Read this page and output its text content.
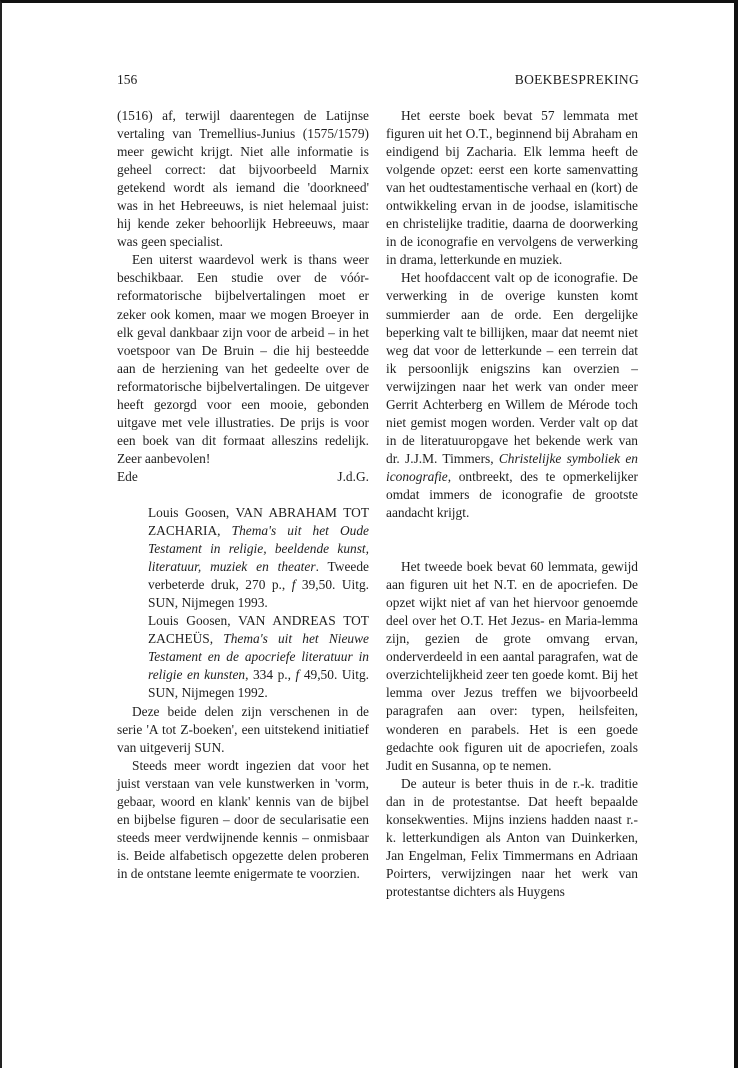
156	BOEKBESPREKING

(1516) af, terwijl daarentegen de Latijnse vertaling van Tremellius-Junius (1575/1579) meer gewicht krijgt. Niet alle informatie is geheel correct: dat bijvoorbeeld Marnix getekend wordt als iemand die 'doorkneed' was in het Hebreeuws, is niet helemaal juist: hij kende zeker behoorlijk Hebreeuws, maar was geen specialist.

Een uiterst waardevol werk is thans weer beschikbaar. Een studie over de vóór-reformatorische bijbelvertalingen moet er zeker ook komen, maar we mogen Broeyer in elk geval dankbaar zijn voor de arbeid – in het voetspoor van De Bruin – die hij besteedde aan de herziening van het gedeelte over de reformatorische bijbelvertalingen. De uitgever heeft gezorgd voor een mooie, gebonden uitgave met vele illustraties. De prijs is voor een boek van dit formaat alleszins redelijk. Zeer aanbevolen!

Ede	J.d.G.

Louis Goosen, VAN ABRAHAM TOT ZACHARIA, Thema's uit het Oude Testament in religie, beeldende kunst, literatuur, muziek en theater. Tweede verbeterde druk, 270 p., f 39,50. Uitg. SUN, Nijmegen 1993.

Louis Goosen, VAN ANDREAS TOT ZACHEÜS, Thema's uit het Nieuwe Testament en de apocriefe literatuur in religie en kunsten, 334 p., f 49,50. Uitg. SUN, Nijmegen 1992.

Deze beide delen zijn verschenen in de serie 'A tot Z-boeken', een uitstekend initiatief van uitgeverij SUN.

Steeds meer wordt ingezien dat voor het juist verstaan van vele kunstwerken in 'vorm, gebaar, woord en klank' kennis van de bijbel en bijbelse figuren – door de secularisatie een steeds meer verdwijnende kennis – onmisbaar is. Beide alfabetisch opgezette delen proberen in de ontstane leemte enigermate te voorzien.

Het eerste boek bevat 57 lemmata met figuren uit het O.T., beginnend bij Abraham en eindigend bij Zacharia. Elk lemma heeft de volgende opzet: eerst een korte samenvatting van het oudtestamentische verhaal en (kort) de ontwikkeling ervan in de joodse, islamitische en christelijke traditie, daarna de doorwerking in de iconografie en vervolgens de verwerking in drama, letterkunde en muziek.

Het hoofdaccent valt op de iconografie. De verwerking in de overige kunsten komt summierder aan de orde. Een dergelijke beperking valt te billijken, maar dat neemt niet weg dat voor de letterkunde – een terrein dat ik persoonlijk enigszins kan overzien – verwijzingen naar het werk van onder meer Gerrit Achterberg en Willem de Mérode toch niet gemist mogen worden. Verder valt op dat in de literatuuropgave het bekende werk van dr. J.J.M. Timmers, Christelijke symboliek en iconografie, ontbreekt, des te opmerkelijker omdat immers de iconografie de grootste aandacht krijgt.

Het tweede boek bevat 60 lemmata, gewijd aan figuren uit het N.T. en de apocriefen. De opzet wijkt niet af van het hiervoor genoemde deel over het O.T. Het Jezus- en Maria-lemma zijn, gezien de grote omvang ervan, onderverdeeld in een aantal paragrafen, wat de overzichtelijkheid zeer ten goede komt. Bij het lemma over Jezus treffen we bijvoorbeeld paragrafen aan over: typen, heilsfeiten, wonderen en parabels. Het is een goede gedachte ook figuren uit de apocriefen, zoals Judit en Susanna, op te nemen.

De auteur is beter thuis in de r.-k. traditie dan in de protestantse. Dat heeft bepaalde konsekwenties. Mijns inziens hadden naast r.-k. letterkundigen als Anton van Duinkerken, Jan Engelman, Felix Timmermans en Adriaan Poirters, verwijzingen naar het werk van protestantse dichters als Huygens
